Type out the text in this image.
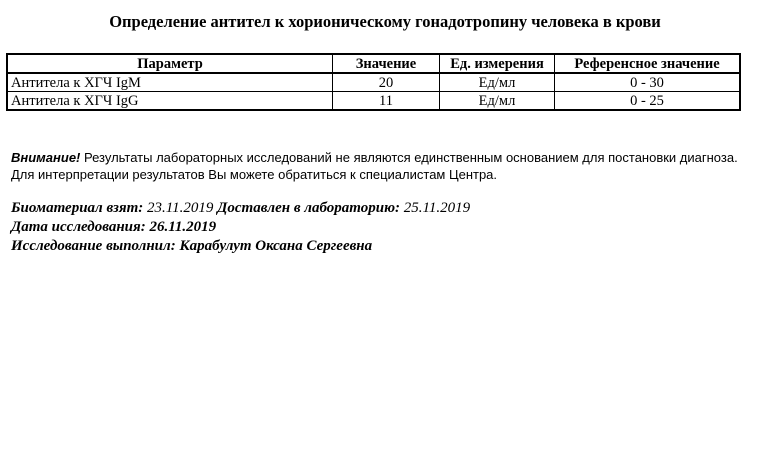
Определение антител к хорионическому гонадотропину человека в крови
Параметр	Значение	Ед. измерения	Референсное значение
Антитела к ХГЧ IgM	20	Ед/мл	0 - 30
Антитела к ХГЧ IgG	11	Ед/мл	0 - 25
Внимание! Результаты лабораторных исследований не являются единственным основанием для постановки диагноза.
Для интерпретации результатов Вы можете обратиться к специалистам Центра.
Биоматериал взят: 23.11.2019 Доставлен в лабораторию: 25.11.2019
Дата исследования: 26.11.2019
Исследование выполнил: Карабулут Оксана Сергеевна
